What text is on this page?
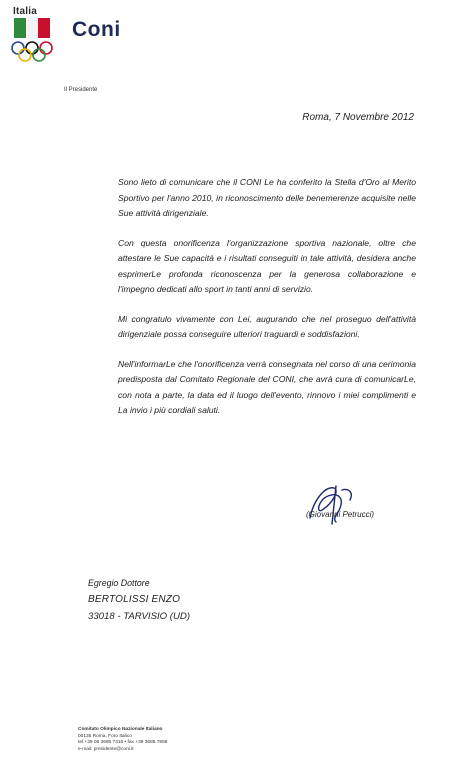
Italia
Coni
Il Presidente
Roma, 7 Novembre 2012

Sono lieto di comunicare che il CONI Le ha conferito la Stella d'Oro al Merito Sportivo per l'anno 2010, in riconoscimento delle benemerenze acquisite nelle Sue attività dirigenziale.

Con questa onorificenza l'organizzazione sportiva nazionale, oltre che attestare le Sue capacità e i risultati conseguiti in tale attività, desidera anche esprimerLe profonda riconoscenza per la generosa collaborazione e l'impegno dedicati allo sport in tanti anni di servizio.

Mi congratulo vivamente con Lei, augurando che nel proseguo dell'attività dirigenziale possa conseguire ulteriori traguardi e soddisfazioni.

Nell'informarLe che l'onorificenza verrà consegnata nel corso di una cerimonia predisposta dal Comitato Regionale del CONI, che avrà cura di comunicarLe, con nota a parte, la data ed il luogo dell'evento, rinnovo i miei complimenti e La invio i più cordiali saluti.

(Giovanni Petrucci)
Egregio Dottore
BERTOLISSI ENZO
33018 - TARVISIO (UD)
Comitato Olimpico Nazionale Italiano
00135 Roma, Foro Italico
tel +39 06 3685 7316 • fax +39 3685 7858
e-mail: presidente@coni.it
